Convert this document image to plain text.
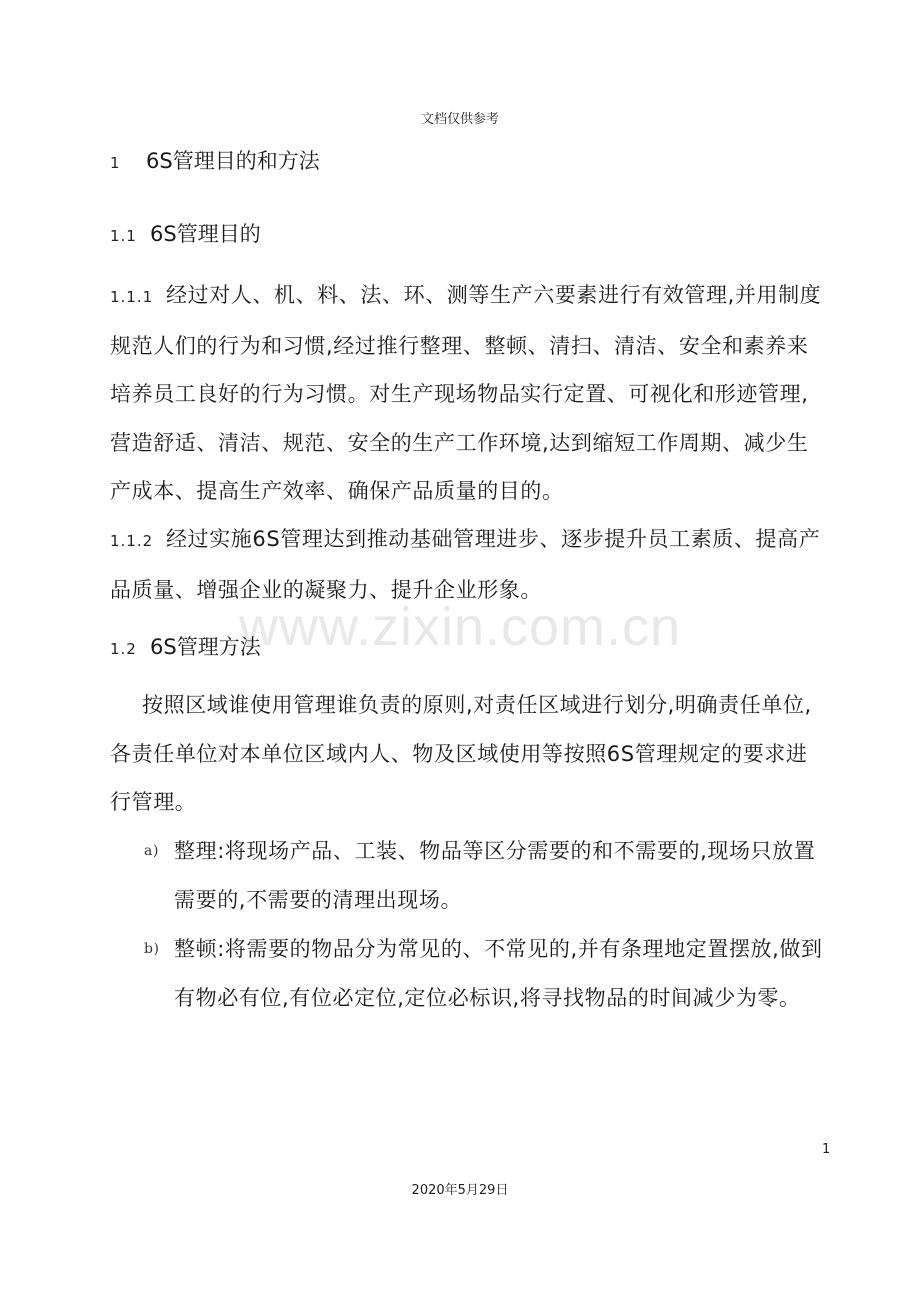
文档仅供参考
1 6S管理目的和方法
1.1 6S管理目的
1.1.1 经过对人、机、料、法、环、测等生产六要素进行有效管理,并用制度规范人们的行为和习惯,经过推行整理、整顿、清扫、清洁、安全和素养来培养员工良好的行为习惯。对生产现场物品实行定置、可视化和形迹管理,营造舒适、清洁、规范、安全的生产工作环境,达到缩短工作周期、减少生产成本、提高生产效率、确保产品质量的目的。
1.1.2 经过实施6S管理达到推动基础管理进步、逐步提升员工素质、提高产品质量、增强企业的凝聚力、提升企业形象。
www.zixin.com.cn
1.2 6S管理方法
按照区域谁使用管理谁负责的原则,对责任区域进行划分,明确责任单位,各责任单位对本单位区域内人、物及区域使用等按照6S管理规定的要求进行管理。
a) 整理:将现场产品、工装、物品等区分需要的和不需要的,现场只放置需要的,不需要的清理出现场。
b) 整顿:将需要的物品分为常见的、不常见的,并有条理地定置摆放,做到有物必有位,有位必定位,定位必标识,将寻找物品的时间减少为零。
1
2020年5月29日
